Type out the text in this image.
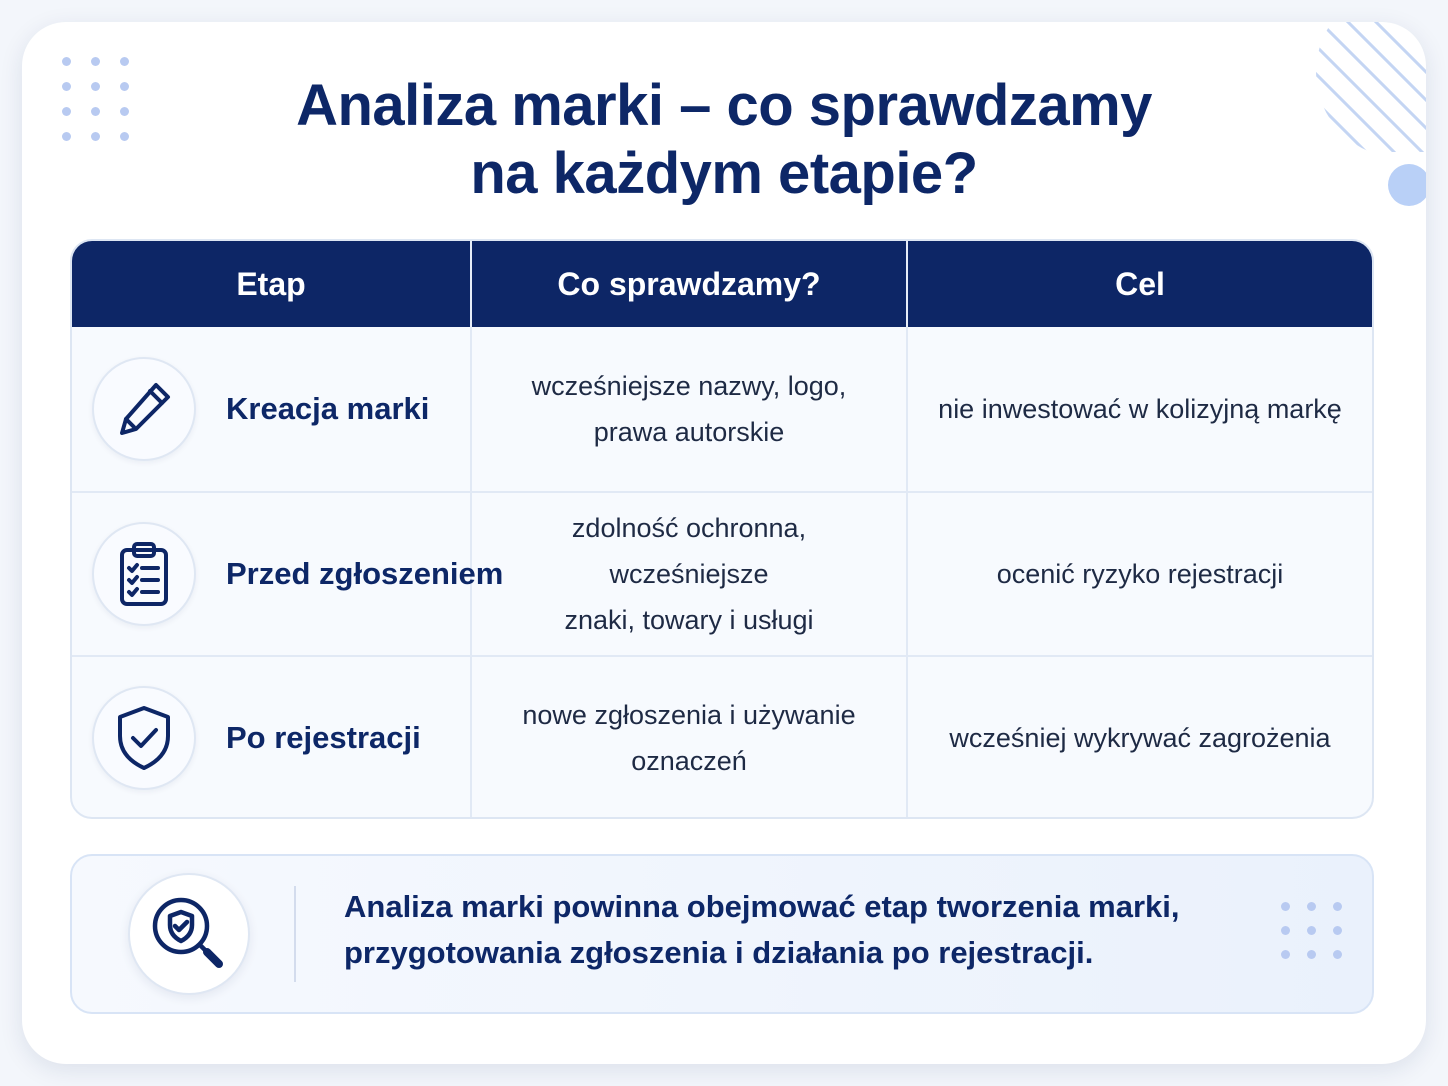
Analiza marki – co sprawdzamy
na każdym etapie?
Etap	Co sprawdzamy?	Cel
Kreacja marki
wcześniejsze nazwy, logo,
prawa autorskie
nie inwestować w kolizyjną markę
Przed zgłoszeniem
zdolność ochronna, wcześniejsze
znaki, towary i usługi
ocenić ryzyko rejestracji
Po rejestracji
nowe zgłoszenia i używanie
oznaczeń
wcześniej wykrywać zagrożenia

Analiza marki powinna obejmować etap tworzenia marki,
przygotowania zgłoszenia i działania po rejestracji.
